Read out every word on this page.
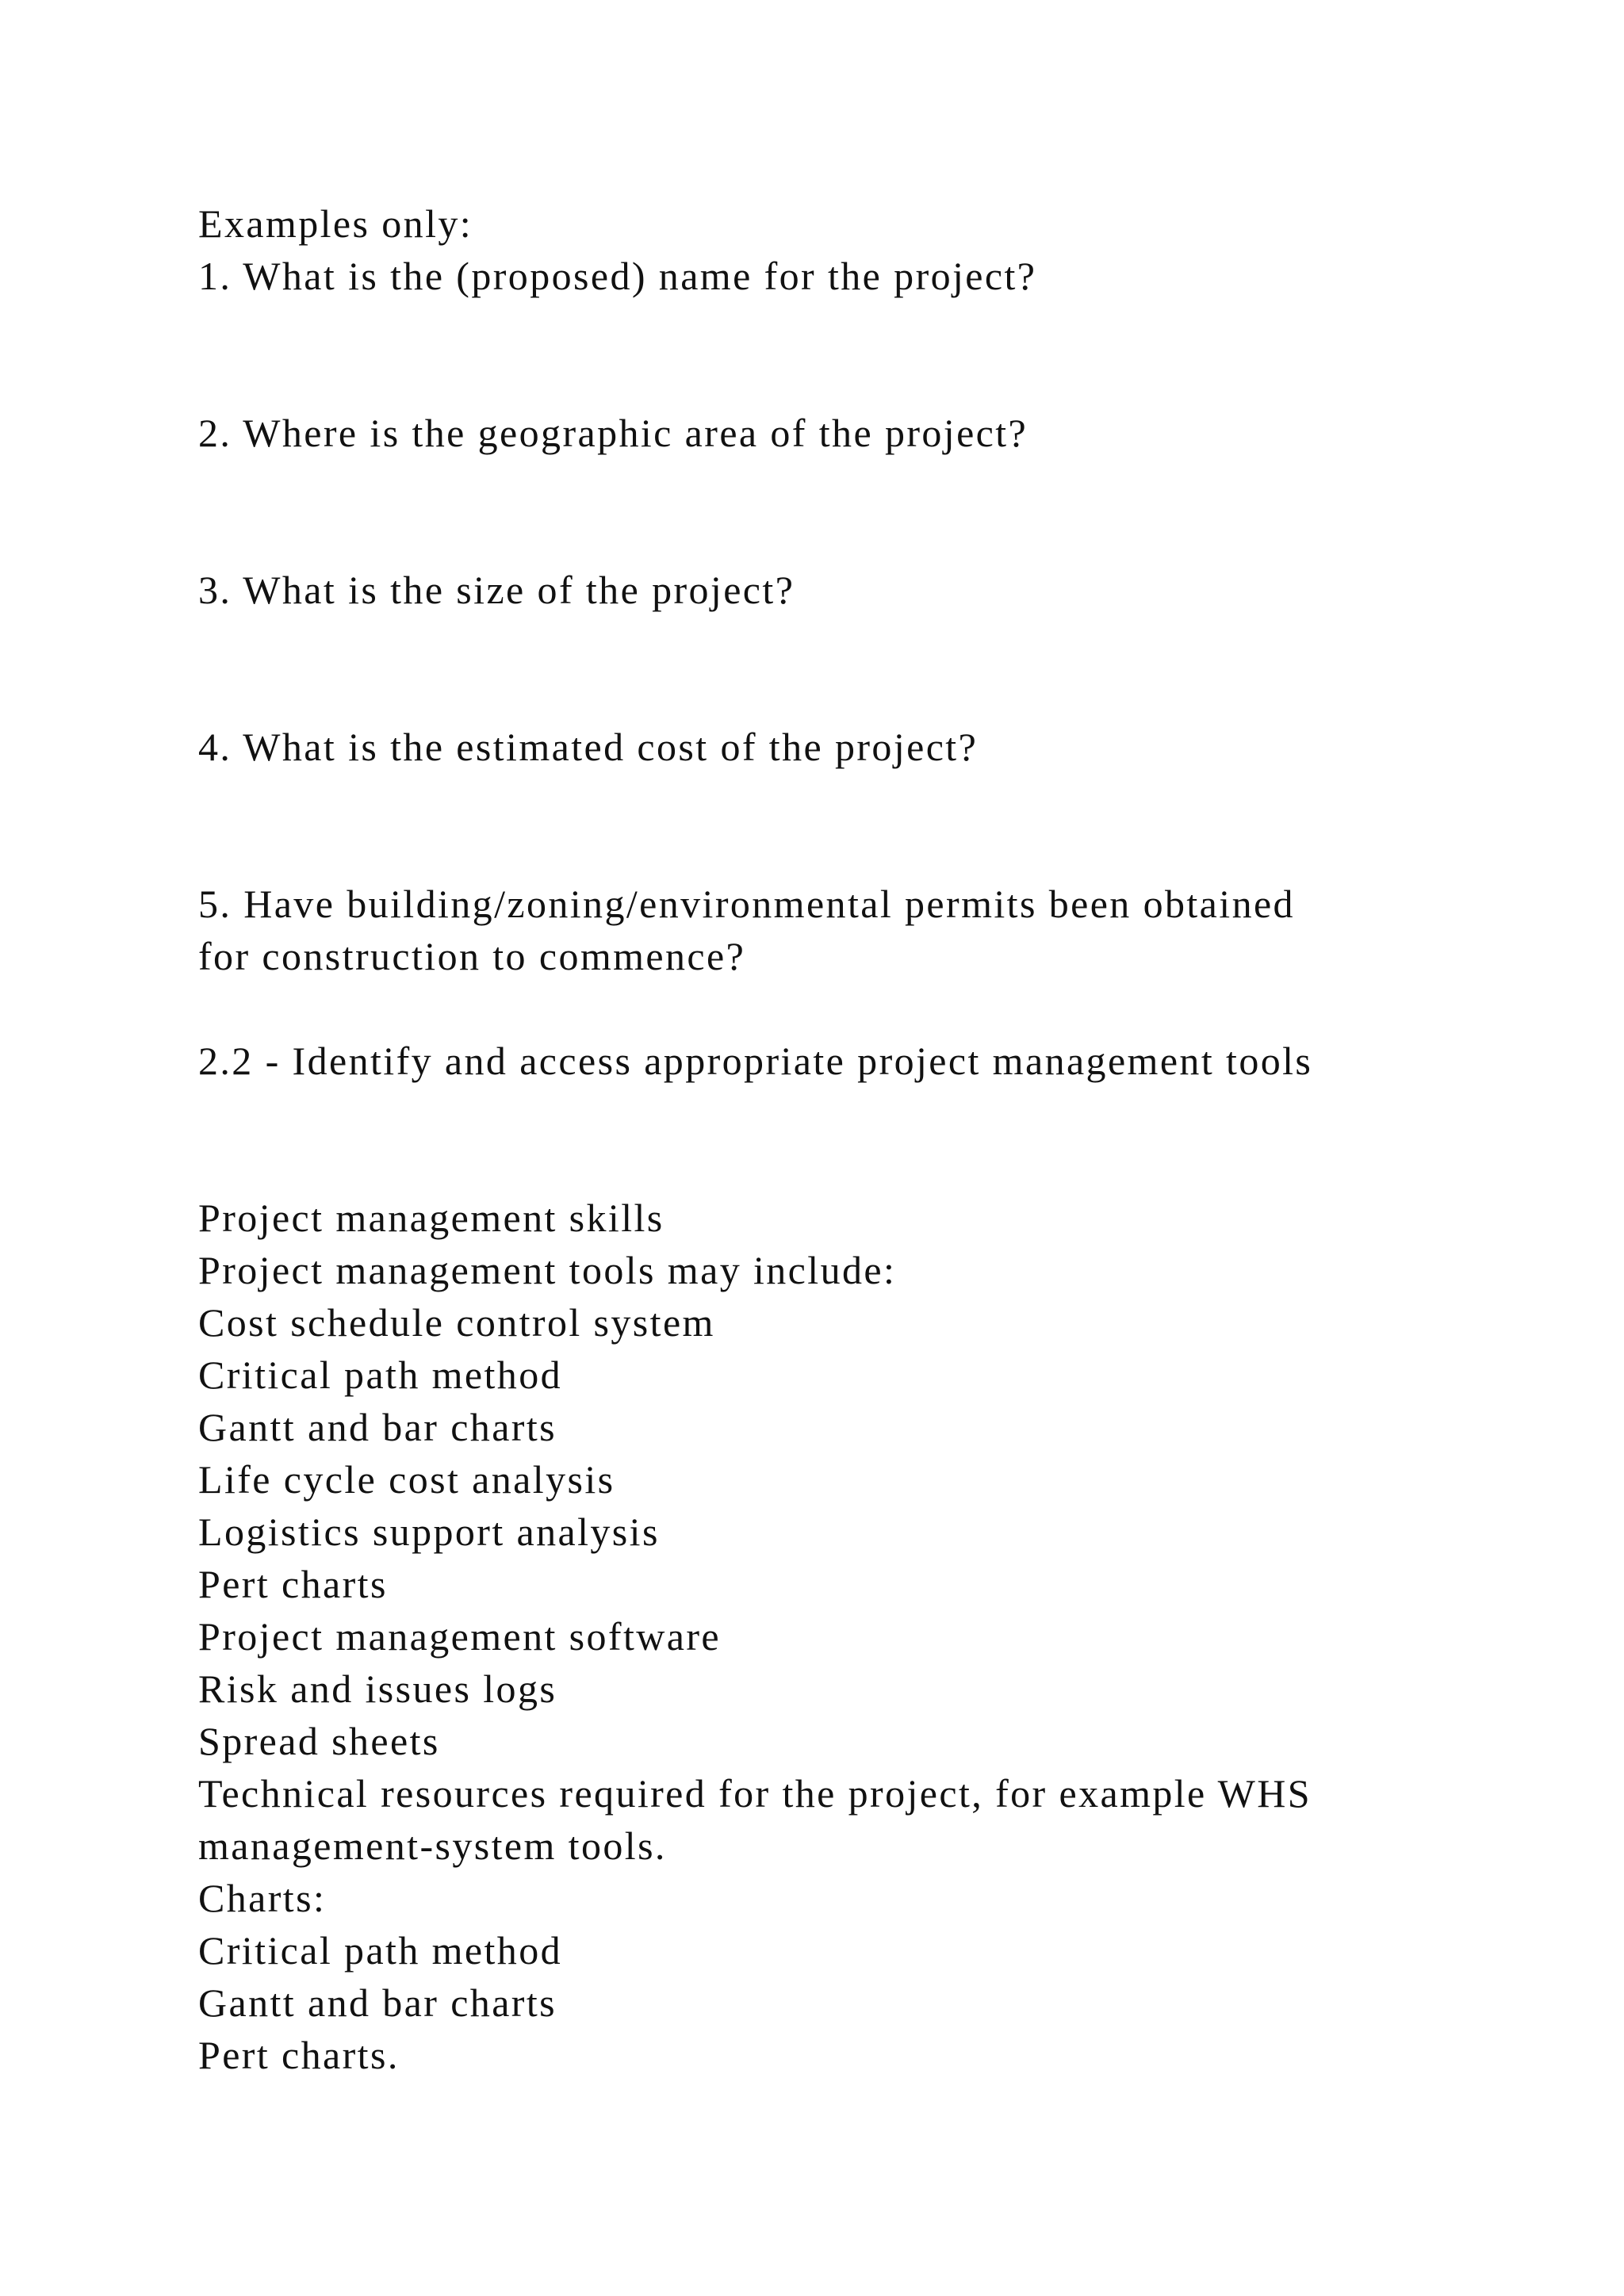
Examples only:

1. What is the (proposed) name for the project?

2. Where is the geographic area of the project?

3. What is the size of the project?

4. What is the estimated cost of the project?

5. Have building/zoning/environmental permits been obtained

for construction to commence?

2.2 - Identify and access appropriate project management tools

Project management skills

Project management tools may include:

Cost schedule control system

Critical path method

Gantt and bar charts

Life cycle cost analysis

Logistics support analysis

Pert charts

Project management software

Risk and issues logs

Spread sheets

Technical resources required for the project, for example WHS

management-system tools.

Charts:

Critical path method

Gantt and bar charts

Pert charts.
